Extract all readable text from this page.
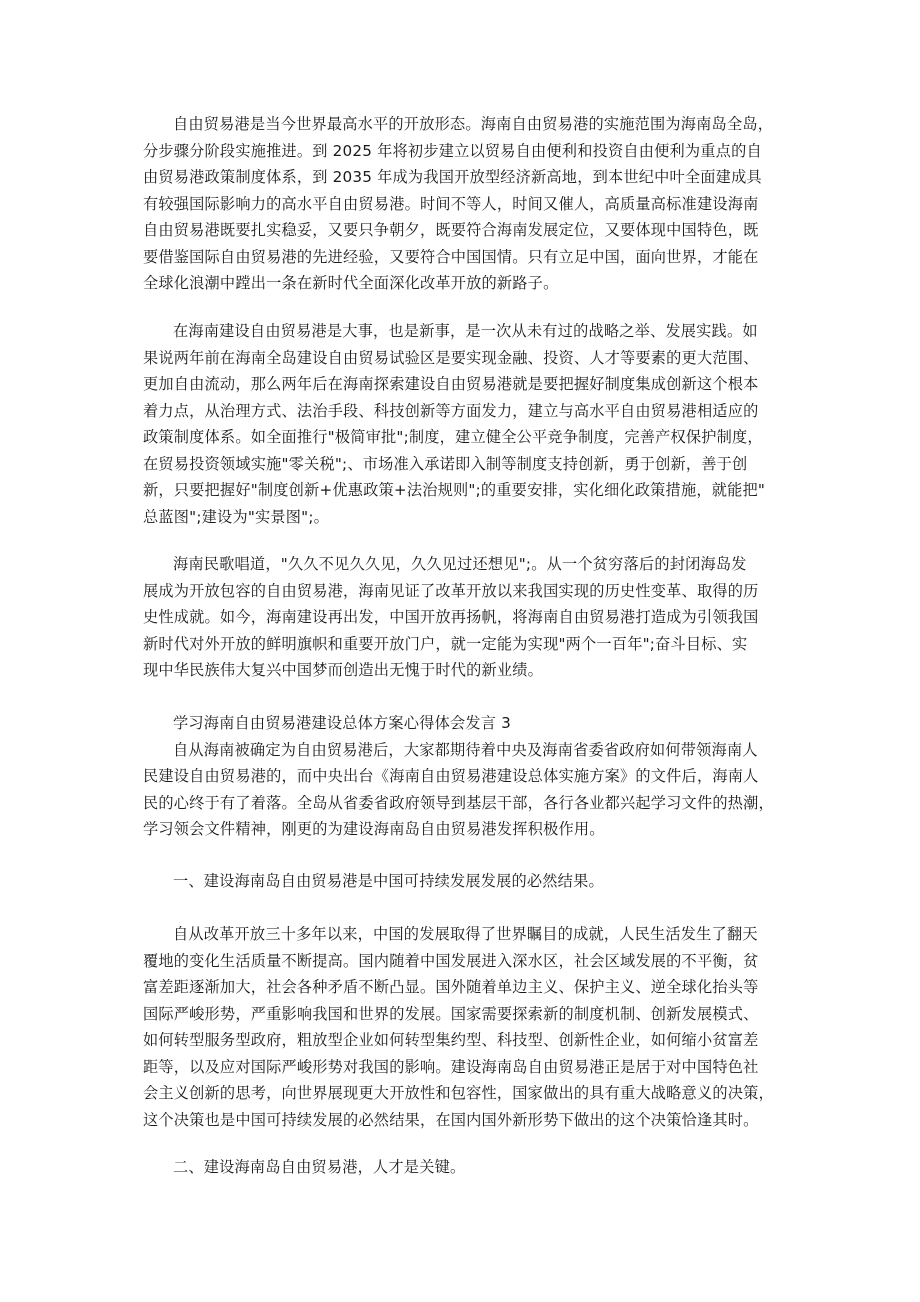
自由贸易港是当今世界最高水平的开放形态。海南自由贸易港的实施范围为海南岛全岛，
分步骤分阶段实施推进。到 2025 年将初步建立以贸易自由便利和投资自由便利为重点的自
由贸易港政策制度体系，到 2035 年成为我国开放型经济新高地，到本世纪中叶全面建成具
有较强国际影响力的高水平自由贸易港。时间不等人，时间又催人，高质量高标准建设海南
自由贸易港既要扎实稳妥，又要只争朝夕，既要符合海南发展定位，又要体现中国特色，既
要借鉴国际自由贸易港的先进经验，又要符合中国国情。只有立足中国，面向世界，才能在
全球化浪潮中蹚出一条在新时代全面深化改革开放的新路子。
在海南建设自由贸易港是大事，也是新事，是一次从未有过的战略之举、发展实践。如
果说两年前在海南全岛建设自由贸易试验区是要实现金融、投资、人才等要素的更大范围、
更加自由流动，那么两年后在海南探索建设自由贸易港就是要把握好制度集成创新这个根本
着力点，从治理方式、法治手段、科技创新等方面发力，建立与高水平自由贸易港相适应的
政策制度体系。如全面推行"极简审批";制度，建立健全公平竞争制度，完善产权保护制度，
在贸易投资领域实施"零关税";、市场准入承诺即入制等制度支持创新，勇于创新，善于创
新，只要把握好"制度创新+优惠政策+法治规则";的重要安排，实化细化政策措施，就能把"
总蓝图";建设为"实景图";。
海南民歌唱道，"久久不见久久见，久久见过还想见";。从一个贫穷落后的封闭海岛发
展成为开放包容的自由贸易港，海南见证了改革开放以来我国实现的历史性变革、取得的历
史性成就。如今，海南建设再出发，中国开放再扬帆，将海南自由贸易港打造成为引领我国
新时代对外开放的鲜明旗帜和重要开放门户，就一定能为实现"两个一百年";奋斗目标、实
现中华民族伟大复兴中国梦而创造出无愧于时代的新业绩。
学习海南自由贸易港建设总体方案心得体会发言 3
自从海南被确定为自由贸易港后，大家都期待着中央及海南省委省政府如何带领海南人
民建设自由贸易港的，而中央出台《海南自由贸易港建设总体实施方案》的文件后，海南人
民的心终于有了着落。全岛从省委省政府领导到基层干部，各行各业都兴起学习文件的热潮，
学习领会文件精神，刚更的为建设海南岛自由贸易港发挥积极作用。
一、建设海南岛自由贸易港是中国可持续发展发展的必然结果。
自从改革开放三十多年以来，中国的发展取得了世界瞩目的成就，人民生活发生了翻天
覆地的变化生活质量不断提高。国内随着中国发展进入深水区，社会区域发展的不平衡，贫
富差距逐渐加大，社会各种矛盾不断凸显。国外随着单边主义、保护主义、逆全球化抬头等
国际严峻形势，严重影响我国和世界的发展。国家需要探索新的制度机制、创新发展模式、
如何转型服务型政府，粗放型企业如何转型集约型、科技型、创新性企业，如何缩小贫富差
距等，以及应对国际严峻形势对我国的影响。建设海南岛自由贸易港正是居于对中国特色社
会主义创新的思考，向世界展现更大开放性和包容性，国家做出的具有重大战略意义的决策，
这个决策也是中国可持续发展的必然结果，在国内国外新形势下做出的这个决策恰逢其时。
二、建设海南岛自由贸易港，人才是关键。
